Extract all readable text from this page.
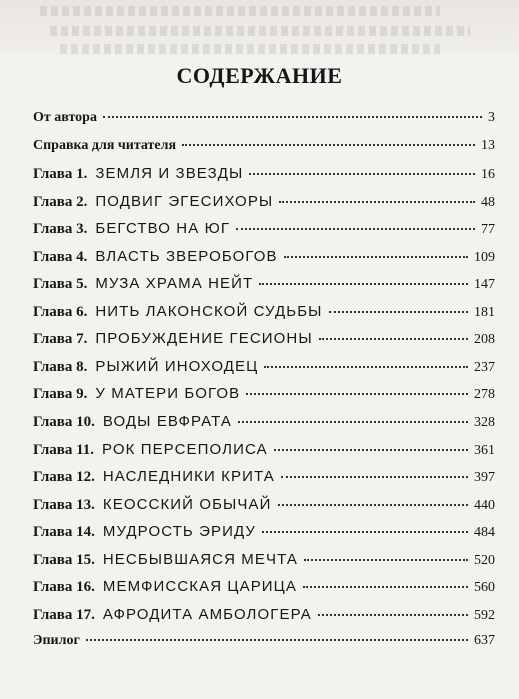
СОДЕРЖАНИЕ
От автора	3
Справка для читателя	13
Глава 1. ЗЕМЛЯ И ЗВЕЗДЫ	16
Глава 2. ПОДВИГ ЭГЕСИХОРЫ	48
Глава 3. БЕГСТВО НА ЮГ	77
Глава 4. ВЛАСТЬ ЗВЕРОБОГОВ	109
Глава 5. МУЗА ХРАМА НЕЙТ	147
Глава 6. НИТЬ ЛАКОНСКОЙ СУДЬБЫ	181
Глава 7. ПРОБУЖДЕНИЕ ГЕСИОНЫ	208
Глава 8. РЫЖИЙ ИНОХОДЕЦ	237
Глава 9. У МАТЕРИ БОГОВ	278
Глава 10. ВОДЫ ЕВФРАТА	328
Глава 11. РОК ПЕРСЕПОЛИСА	361
Глава 12. НАСЛЕДНИКИ КРИТА	397
Глава 13. КЕОССКИЙ ОБЫЧАЙ	440
Глава 14. МУДРОСТЬ ЭРИДУ	484
Глава 15. НЕСБЫВШАЯСЯ МЕЧТА	520
Глава 16. МЕМФИССКАЯ ЦАРИЦА	560
Глава 17. АФРОДИТА АМБОЛОГЕРА	592
Эпилог	637
